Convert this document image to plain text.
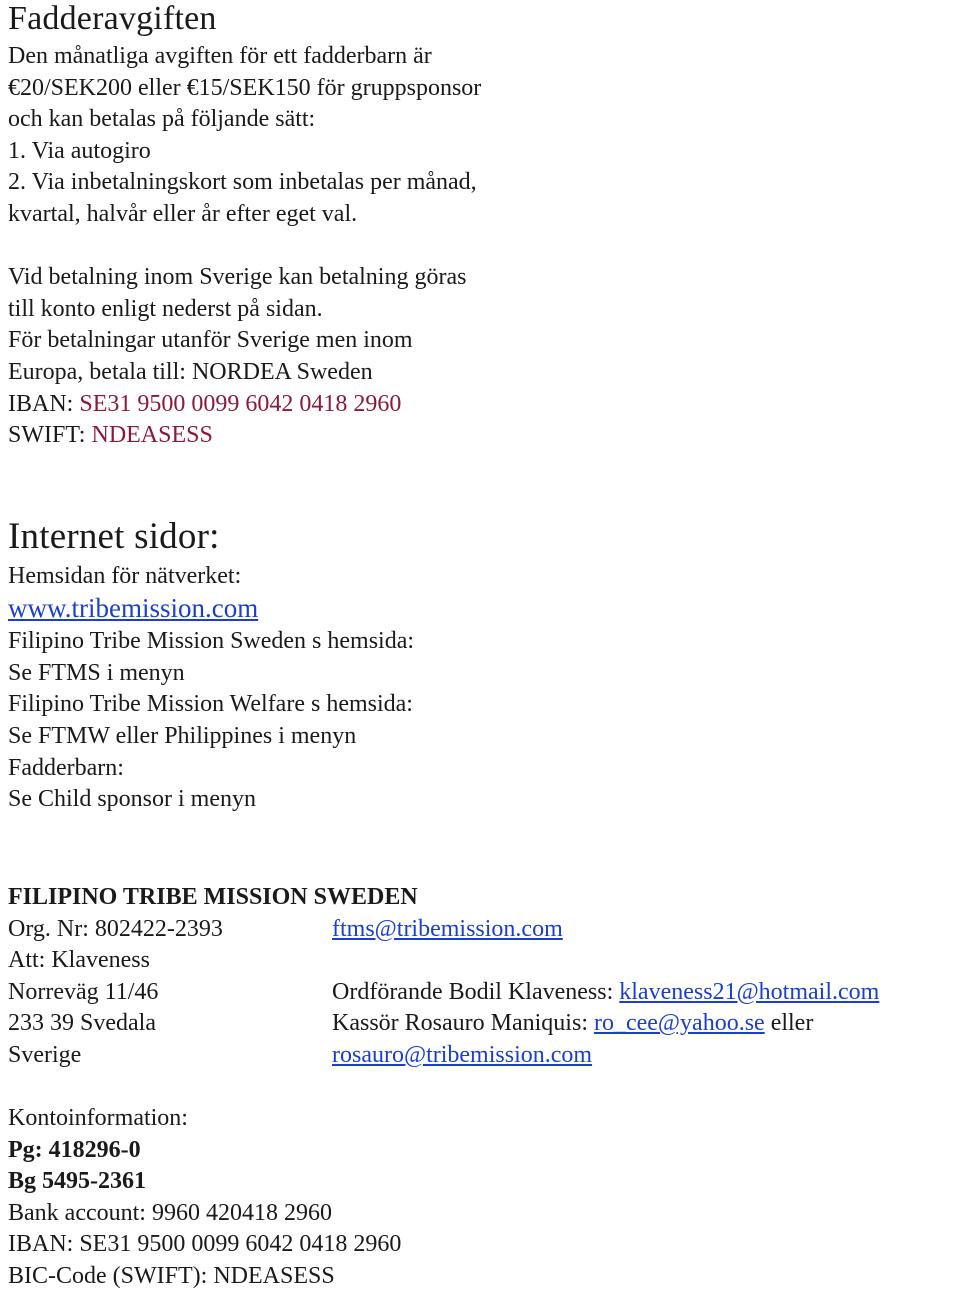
Fadderavgiften

Den månatliga avgiften för ett fadderbarn är

€20/SEK200 eller €15/SEK150 för gruppsponsor

och kan betalas på följande sätt:

1. Via autogiro

2. Via inbetalningskort som inbetalas per månad,

kvartal, halvår eller år efter eget val.

Vid betalning inom Sverige kan betalning göras

till konto enligt nederst på sidan.

För betalningar utanför Sverige men inom

Europa, betala till: NORDEA Sweden

IBAN: SE31 9500 0099 6042 0418 2960

SWIFT: NDEASESS

Internet sidor:

Hemsidan för nätverket:

www.tribemission.com

Filipino Tribe Mission Sweden s hemsida:

Se FTMS i menyn

Filipino Tribe Mission Welfare s hemsida:

Se FTMW eller Philippines i menyn

Fadderbarn:

Se Child sponsor i menyn

FILIPINO TRIBE MISSION SWEDEN
Org. Nr: 802422-2393	ftms@tribemission.com
Att: Klaveness
Norreväg 11/46	Ordförande Bodil Klaveness: klaveness21@hotmail.com
233 39 Svedala	Kassör Rosauro Maniquis: ro_cee@yahoo.se eller
Sverige	rosauro@tribemission.com

Kontoinformation:

Pg: 418296-0

Bg 5495-2361

Bank account: 9960 420418 2960

IBAN: SE31 9500 0099 6042 0418 2960

BIC-Code (SWIFT): NDEASESS
